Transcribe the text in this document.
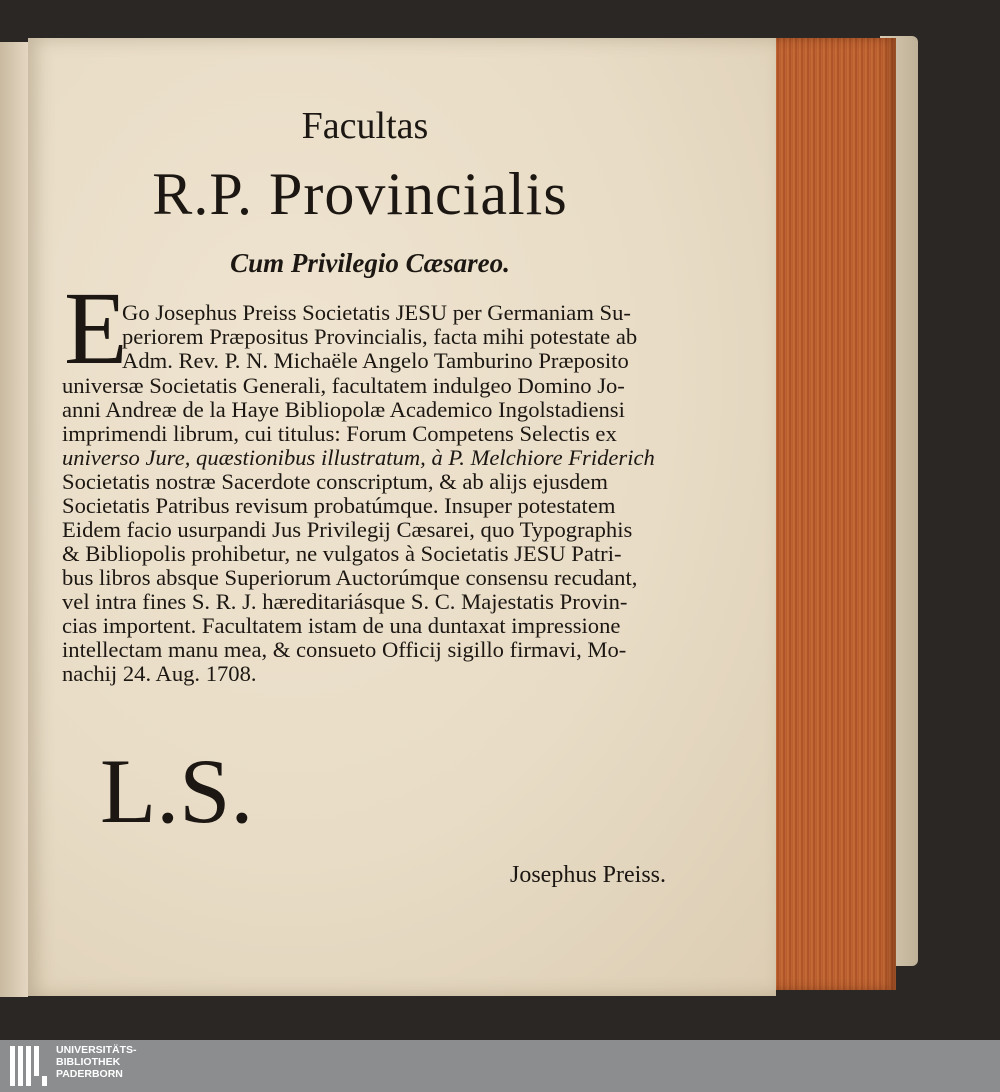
Facultas
R.P. Provincialis
Cum Privilegio Cæsareo.
E
Go Josephus Preiss Societatis JESU per Germaniam Su-
periorem Præpositus Provincialis, facta mihi potestate ab
Adm. Rev. P. N. Michaële Angelo Tamburino Præposito
universæ Societatis Generali, facultatem indulgeo Domino Jo-
anni Andreæ de la Haye Bibliopolæ Academico Ingolstadiensi
imprimendi librum, cui titulus: Forum Competens Selectis ex
universo Jure, quæstionibus illustratum, à P. Melchiore Friderich
Societatis nostræ Sacerdote conscriptum, & ab alijs ejusdem
Societatis Patribus revisum probatúmque. Insuper potestatem
Eidem facio usurpandi Jus Privilegij Cæsarei, quo Typographis
& Bibliopolis prohibetur, ne vulgatos à Societatis JESU Patri-
bus libros absque Superiorum Auctorúmque consensu recudant,
vel intra fines S. R. J. hæreditariásque S. C. Majestatis Provin-
cias importent. Facultatem istam de una duntaxat impressione
intellectam manu mea, & consueto Officij sigillo firmavi, Mo-
nachij 24. Aug. 1708.
L.S.
Josephus Preiss.
UNIVERSITÄTS-
BIBLIOTHEK
PADERBORN
